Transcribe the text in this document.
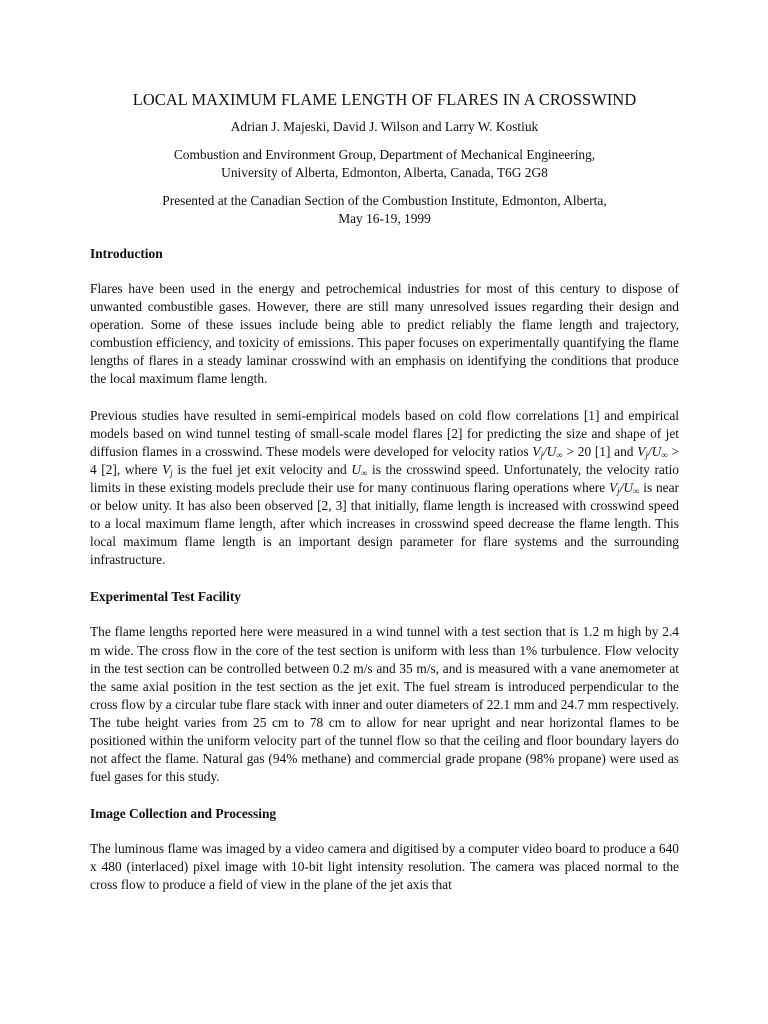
LOCAL MAXIMUM FLAME LENGTH OF FLARES IN A CROSSWIND

Adrian J. Majeski, David J. Wilson and Larry W. Kostiuk

Combustion and Environment Group, Department of Mechanical Engineering,

University of Alberta, Edmonton, Alberta, Canada, T6G 2G8

Presented at the Canadian Section of the Combustion Institute, Edmonton, Alberta,

May 16-19, 1999

Introduction

Flares have been used in the energy and petrochemical industries for most of this century to dispose of unwanted combustible gases. However, there are still many unresolved issues regarding their design and operation. Some of these issues include being able to predict reliably the flame length and trajectory, combustion efficiency, and toxicity of emissions. This paper focuses on experimentally quantifying the flame lengths of flares in a steady laminar crosswind with an emphasis on identifying the conditions that produce the local maximum flame length.

Previous studies have resulted in semi-empirical models based on cold flow correlations [1] and empirical models based on wind tunnel testing of small-scale model flares [2] for predicting the size and shape of jet diffusion flames in a crosswind. These models were developed for velocity ratios $V_j/U_\infty > 20$ [1] and $V_j/U_\infty > 4$ [2], where $V_j$ is the fuel jet exit velocity and $U_\infty$ is the crosswind speed. Unfortunately, the velocity ratio limits in these existing models preclude their use for many continuous flaring operations where $V_j/U_\infty$ is near or below unity. It has also been observed [2, 3] that initially, flame length is increased with crosswind speed to a local maximum flame length, after which increases in crosswind speed decrease the flame length. This local maximum flame length is an important design parameter for flare systems and the surrounding infrastructure.

Experimental Test Facility

The flame lengths reported here were measured in a wind tunnel with a test section that is 1.2 m high by 2.4 m wide. The cross flow in the core of the test section is uniform with less than 1% turbulence. Flow velocity in the test section can be controlled between 0.2 m/s and 35 m/s, and is measured with a vane anemometer at the same axial position in the test section as the jet exit. The fuel stream is introduced perpendicular to the cross flow by a circular tube flare stack with inner and outer diameters of 22.1 mm and 24.7 mm respectively. The tube height varies from 25 cm to 78 cm to allow for near upright and near horizontal flames to be positioned within the uniform velocity part of the tunnel flow so that the ceiling and floor boundary layers do not affect the flame. Natural gas (94% methane) and commercial grade propane (98% propane) were used as fuel gases for this study.

Image Collection and Processing

The luminous flame was imaged by a video camera and digitised by a computer video board to produce a 640 x 480 (interlaced) pixel image with 10-bit light intensity resolution. The camera was placed normal to the cross flow to produce a field of view in the plane of the jet axis that
